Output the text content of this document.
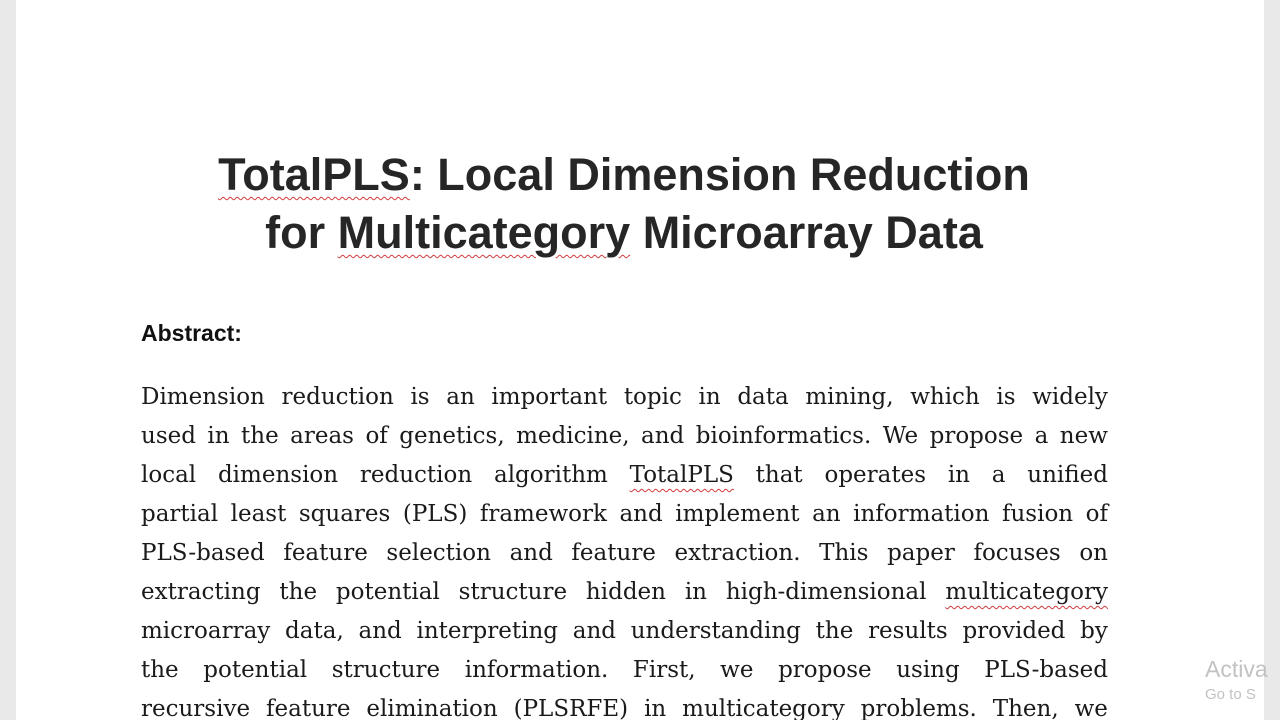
TotalPLS: Local Dimension Reduction
for Multicategory Microarray Data
Abstract:
Dimension reduction is an important topic in data mining, which is widely
used in the areas of genetics, medicine, and bioinformatics. We propose a new
local dimension reduction algorithm TotalPLS that operates in a unified
partial least squares (PLS) framework and implement an information fusion of
PLS-based feature selection and feature extraction. This paper focuses on
extracting the potential structure hidden in high-dimensional multicategory
microarray data, and interpreting and understanding the results provided by
the potential structure information. First, we propose using PLS-based
recursive feature elimination (PLSRFE) in multicategory problems. Then, we
Activa
Go to S
